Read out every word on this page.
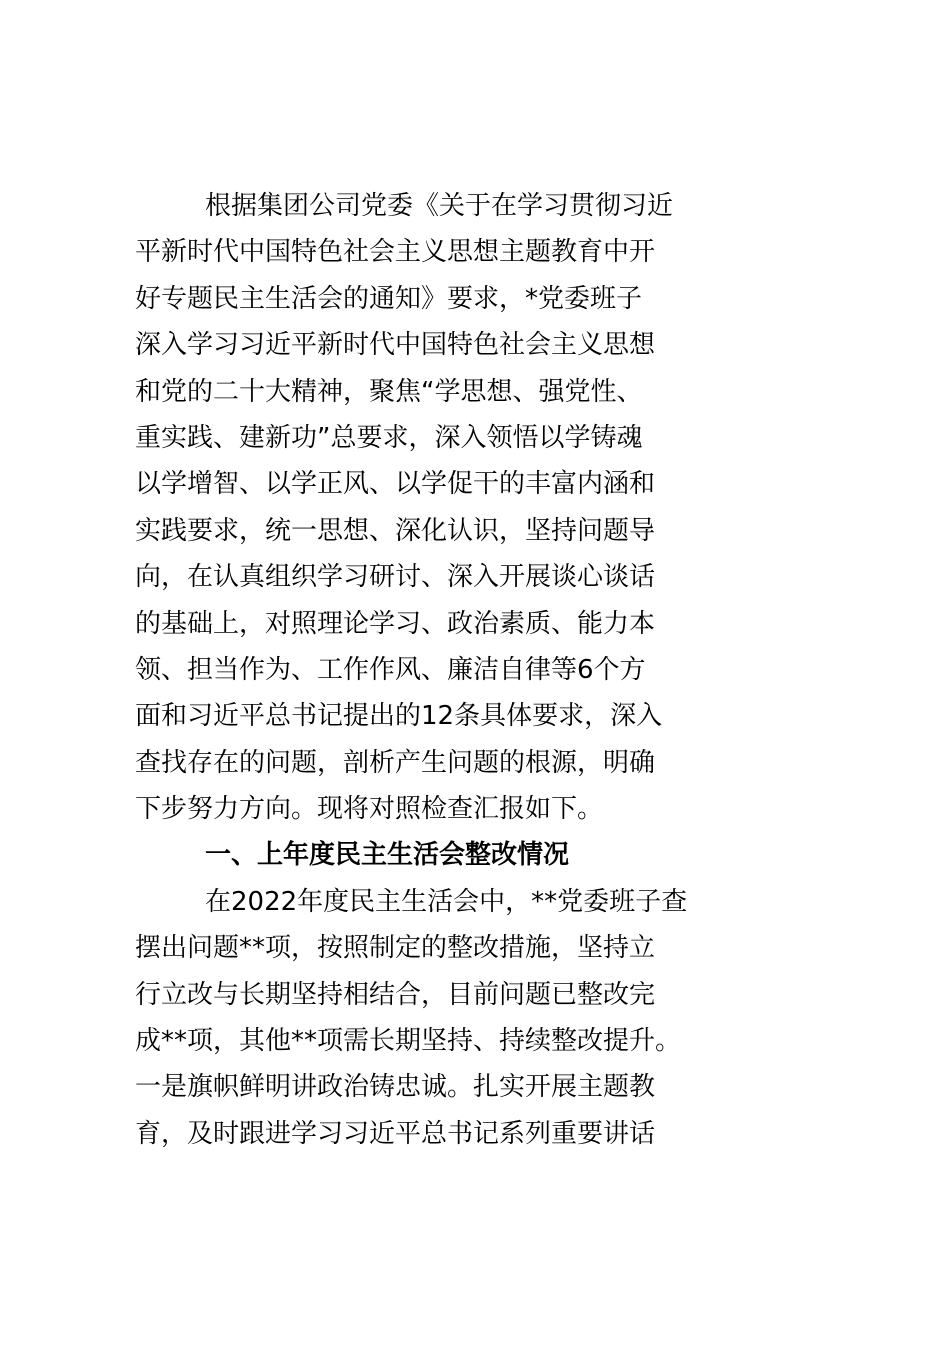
根据集团公司党委《关于在学习贯彻习近
平新时代中国特色社会主义思想主题教育中开
好专题民主生活会的通知》要求，*党委班子
深入学习习近平新时代中国特色社会主义思想
和党的二十大精神，聚焦“学思想、强党性、
重实践、建新功”总要求，深入领悟以学铸魂
以学增智、以学正风、以学促干的丰富内涵和
实践要求，统一思想、深化认识，坚持问题导
向，在认真组织学习研讨、深入开展谈心谈话
的基础上，对照理论学习、政治素质、能力本
领、担当作为、工作作风、廉洁自律等6个方
面和习近平总书记提出的12条具体要求，深入
查找存在的问题，剖析产生问题的根源，明确
下步努力方向。现将对照检查汇报如下。
一、上年度民主生活会整改情况
在2022年度民主生活会中，**党委班子查
摆出问题**项，按照制定的整改措施，坚持立
行立改与长期坚持相结合，目前问题已整改完
成**项，其他**项需长期坚持、持续整改提升。
一是旗帜鲜明讲政治铸忠诚。扎实开展主题教
育，及时跟进学习习近平总书记系列重要讲话
